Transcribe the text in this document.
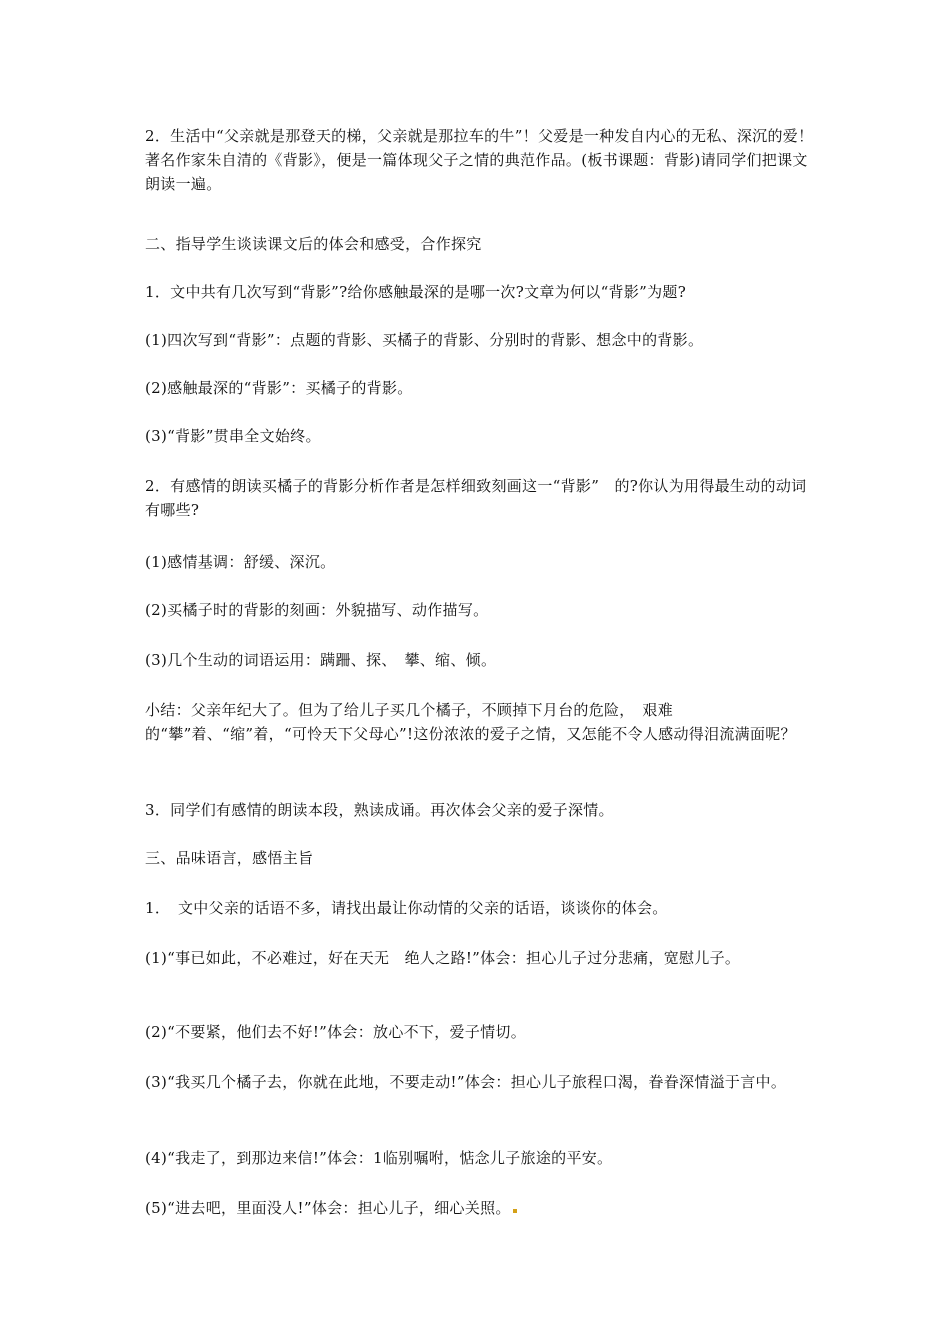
2．生活中“父亲就是那登天的梯，父亲就是那拉车的牛”！父爱是一种发自内心的无私、深沉的爱！著名作家朱自清的《背影》，便是一篇体现父子之情的典范作品。(板书课题：背影)请同学们把课文朗读一遍。

二、指导学生谈读课文后的体会和感受，合作探究

1．文中共有几次写到“背影”?给你感触最深的是哪一次?文章为何以“背影”为题?

(1)四次写到“背影”：点题的背影、买橘子的背影、分别时的背影、想念中的背影。

(2)感触最深的“背影”：买橘子的背影。

(3)“背影”贯串全文始终。

2．有感情的朗读买橘子的背影分析作者是怎样细致刻画这一“背影”　的?你认为用得最生动的动词有哪些?

(1)感情基调：舒缓、深沉。

(2)买橘子时的背影的刻画：外貌描写、动作描写。

(3)几个生动的词语运用：蹒跚、探、　攀、缩、倾。

小结：父亲年纪大了。但为了给儿子买几个橘子，不顾掉下月台的危险，　艰难的“攀”着、“缩”着，“可怜天下父母心”!这份浓浓的爱子之情，又怎能不令人感动得泪流满面呢？

3．同学们有感情的朗读本段，熟读成诵。再次体会父亲的爱子深情。

三、品味语言，感悟主旨

1．　文中父亲的话语不多，请找出最让你动情的父亲的话语，谈谈你的体会。

(1)“事已如此，不必难过，好在天无　绝人之路!”体会：担心儿子过分悲痛，宽慰儿子。

(2)“不要紧，他们去不好!”体会：放心不下，爱子情切。

(3)“我买几个橘子去，你就在此地，不要走动!”体会：担心儿子旅程口渴，眷眷深情溢于言中。

(4)“我走了，到那边来信!”体会：1临别嘱咐，惦念儿子旅途的平安。

(5)“进去吧，里面没人!”体会：担心儿子，细心关照。
